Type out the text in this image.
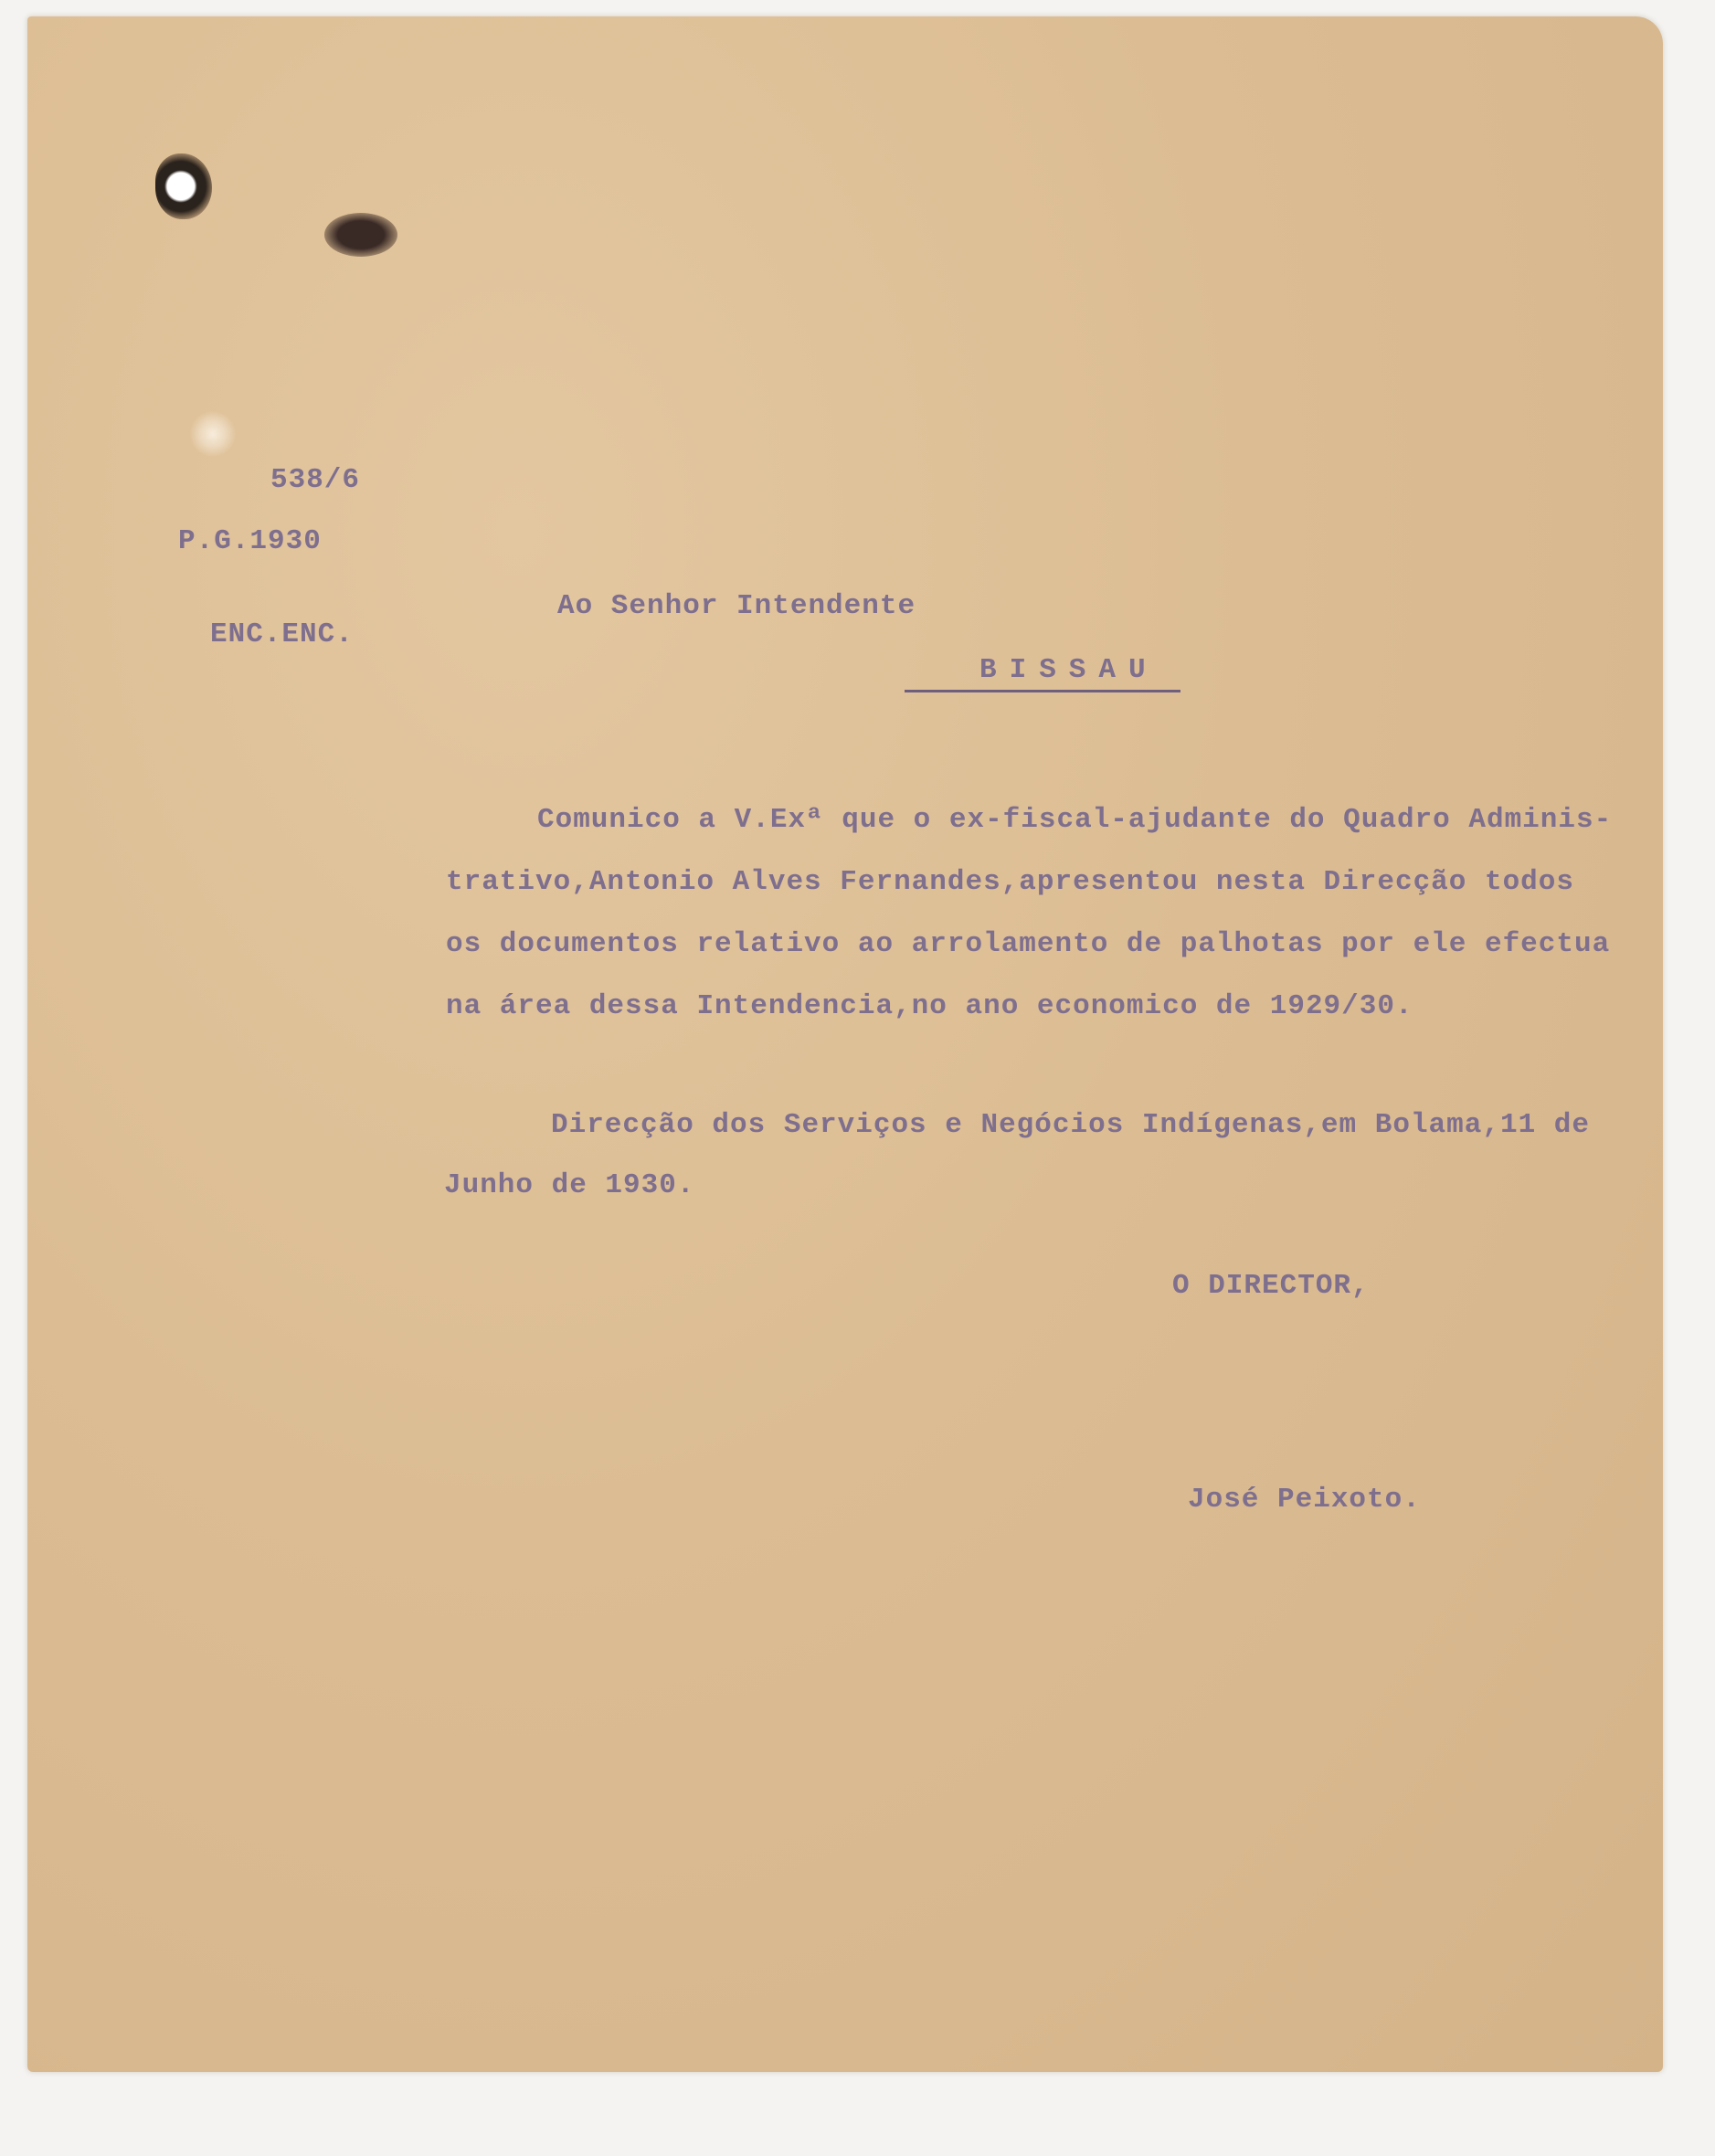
538/6

P.G.1930

ENC.ENC.

Ao Senhor Intendente

BISSAU

Comunico a V.Exª que o ex-fiscal-ajudante do Quadro Adminis-

trativo,Antonio Alves Fernandes,apresentou nesta Direcção todos

os documentos relativo ao arrolamento de palhotas por ele efectua

na área dessa Intendencia,no ano economico de 1929/30.

Direcção dos Serviços e Negócios Indígenas,em Bolama,11 de

Junho de 1930.

O DIRECTOR,

José Peixoto.
